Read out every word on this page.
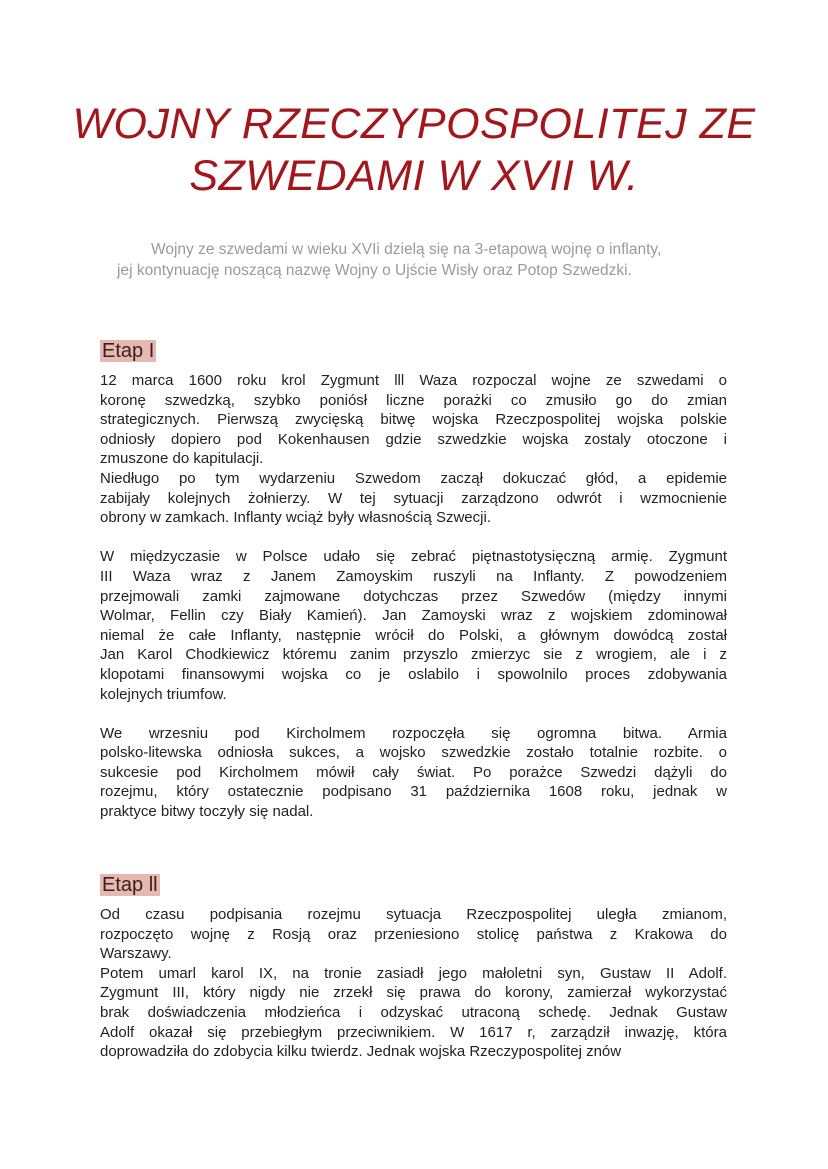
WOJNY RZECZYPOSPOLITEJ ZE
SZWEDAMI W XVII W.
Wojny ze szwedami w wieku XVIi dzielą się na 3-etapową wojnę o inflanty,
jej kontynuację noszącą nazwę Wojny o Ujście Wisły oraz Potop Szwedzki.
Etap I
12 marca 1600 roku krol Zygmunt lll Waza rozpoczal wojne ze szwedami o
koronę szwedzką, szybko poniósł liczne porażki co zmusiło go do zmian
strategicznych. Pierwszą zwycięską bitwę wojska Rzeczpospolitej wojska polskie
odniosły dopiero pod Kokenhausen gdzie szwedzkie wojska zostaly otoczone i
zmuszone do kapitulacji.
Niedługo po tym wydarzeniu Szwedom zaczął dokuczać głód, a epidemie
zabijały kolejnych żołnierzy. W tej sytuacji zarządzono odwrót i wzmocnienie
obrony w zamkach. Inflanty wciąż były własnością Szwecji.
W międzyczasie w Polsce udało się zebrać piętnastotysięczną armię. Zygmunt
III Waza wraz z Janem Zamoyskim ruszyli na Inflanty. Z powodzeniem
przejmowali zamki zajmowane dotychczas przez Szwedów (między innymi
Wolmar, Fellin czy Biały Kamień). Jan Zamoyski wraz z wojskiem zdominował
niemal że całe Inflanty, następnie wrócił do Polski, a głównym dowódcą został
Jan Karol Chodkiewicz któremu zanim przyszlo zmierzyc sie z wrogiem, ale i z
klopotami finansowymi wojska co je oslabilo i spowolnilo proces zdobywania
kolejnych triumfow.
We wrzesniu pod Kircholmem rozpoczęła się ogromna bitwa. Armia
polsko-litewska odniosła sukces, a wojsko szwedzkie zostało totalnie rozbite. o
sukcesie pod Kircholmem mówił cały świat. Po porażce Szwedzi dążyli do
rozejmu, który ostatecznie podpisano 31 października 1608 roku, jednak w
praktyce bitwy toczyły się nadal.
Etap ll
Od czasu podpisania rozejmu sytuacja Rzeczpospolitej uległa zmianom,
rozpoczęto wojnę z Rosją oraz przeniesiono stolicę państwa z Krakowa do
Warszawy.
Potem umarl karol IX, na tronie zasiadł jego małoletni syn, Gustaw II Adolf.
Zygmunt III, który nigdy nie zrzekł się prawa do korony, zamierzał wykorzystać
brak doświadczenia młodzieńca i odzyskać utraconą schedę. Jednak Gustaw
Adolf okazał się przebiegłym przeciwnikiem. W 1617 r, zarządził inwazję, która
doprowadziła do zdobycia kilku twierdz. Jednak wojska Rzeczypospolitej znów
